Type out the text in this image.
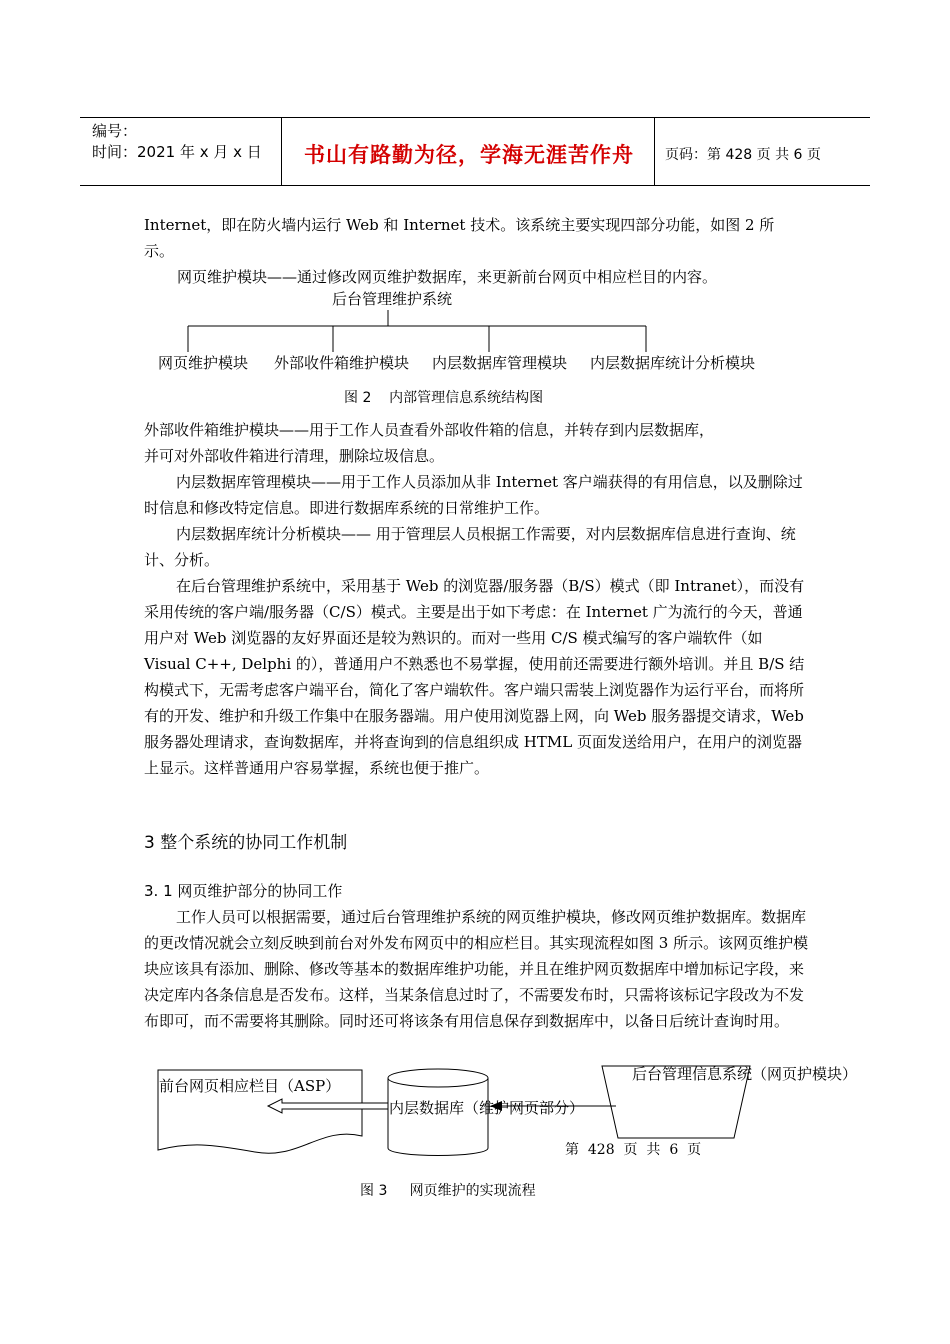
编号：
时间：2021 年 x 月 x 日	书山有路勤为径，学海无涯苦作舟	页码：第 428 页 共 6 页
Internet，即在防火墙内运行 Web 和 Internet 技术。该系统主要实现四部分功能，如图 2 所
示。
网页维护模块——通过修改网页维护数据库，来更新前台网页中相应栏目的内容。
后台管理维护系统
网页维护模块 外部收件箱维护模块 内层数据库管理模块 内层数据库统计分析模块
图 2    内部管理信息系统结构图
外部收件箱维护模块——用于工作人员查看外部收件箱的信息，并转存到内层数据库，
并可对外部收件箱进行清理，删除垃圾信息。
内层数据库管理模块——用于工作人员添加从非 Internet 客户端获得的有用信息，以及删除过时信息和修改特定信息。即进行数据库系统的日常维护工作。
内层数据库统计分析模块—— 用于管理层人员根据工作需要，对内层数据库信息进行查询、统计、分析。
在后台管理维护系统中，采用基于 Web 的浏览器/服务器（B/S）模式（即 Intranet），而没有采用传统的客户端/服务器（C/S）模式。主要是出于如下考虑：在 Internet 广为流行的今天，普通用户对 Web 浏览器的友好界面还是较为熟识的。而对一些用 C/S 模式编写的客户端软件（如 Visual C++, Delphi 的），普通用户不熟悉也不易掌握，使用前还需要进行额外培训。并且 B/S 结构模式下，无需考虑客户端平台，简化了客户端软件。客户端只需装上浏览器作为运行平台，而将所有的开发、维护和升级工作集中在服务器端。用户使用浏览器上网，向 Web 服务器提交请求，Web 服务器处理请求，查询数据库，并将查询到的信息组织成 HTML 页面发送给用户，在用户的浏览器上显示。这样普通用户容易掌握，系统也便于推广。
3 整个系统的协同工作机制
3. 1 网页维护部分的协同工作
工作人员可以根据需要，通过后台管理维护系统的网页维护模块，修改网页维护数据库。数据库的更改情况就会立刻反映到前台对外发布网页中的相应栏目。其实现流程如图 3 所示。该网页维护模块应该具有添加、删除、修改等基本的数据库维护功能，并且在维护网页数据库中增加标记字段，来决定库内各条信息是否发布。这样，当某条信息过时了，不需要发布时，只需将该标记字段改为不发布即可，而不需要将其删除。同时还可将该条有用信息保存到数据库中，以备日后统计查询时用。
前台网页相应栏目（ASP）
内层数据库（维护网页部分）
后台管理信息系统（网页护模块）
第  428  页  共  6  页
图 3     网页维护的实现流程
